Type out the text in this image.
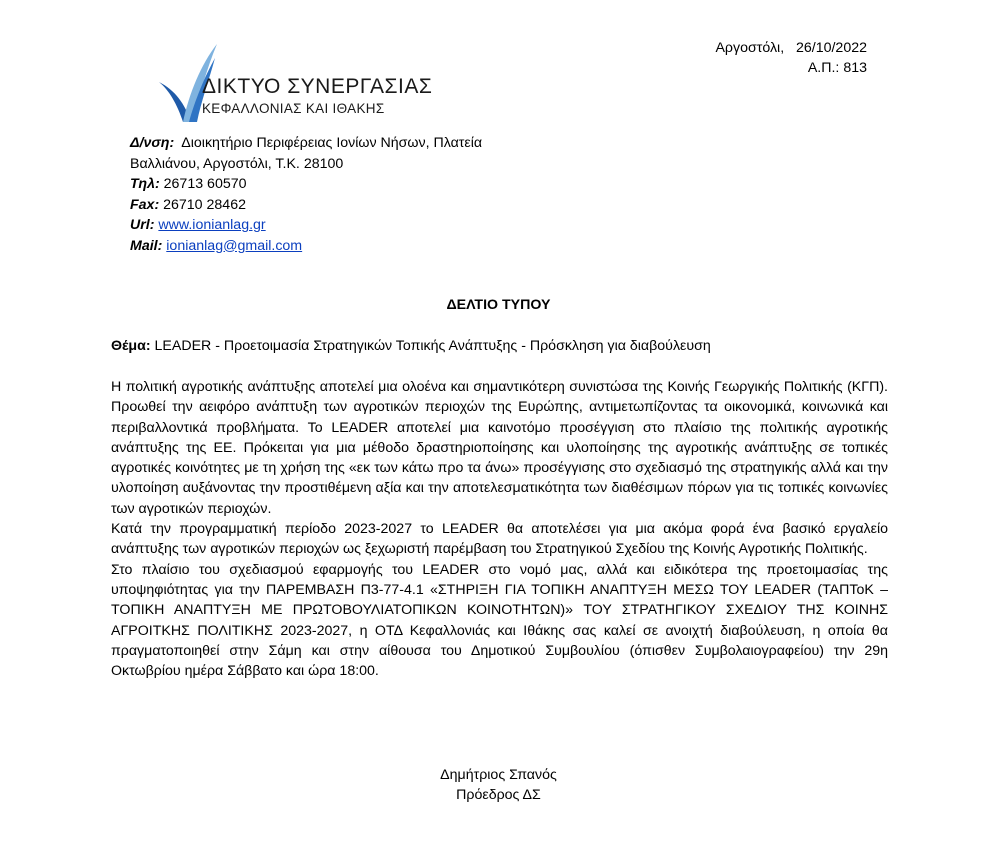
Αργοστόλι,   26/10/2022
Α.Π.: 813
ΔΙΚΤΥΟ ΣΥΝΕΡΓΑΣΙΑΣ
ΚΕΦΑΛΛΟΝΙΑΣ ΚΑΙ ΙΘΑΚΗΣ
Δ/νση: Διοικητήριο Περιφέρειας Ιονίων Νήσων, Πλατεία
Βαλλιάνου, Αργοστόλι, Τ.Κ. 28100
Τηλ: 26713 60570
Fax: 26710 28462
Url: www.ionianlag.gr
Mail: ionianlag@gmail.com
ΔΕΛΤΙΟ ΤΥΠΟΥ
Θέμα: LEADER - Προετοιμασία Στρατηγικών Τοπικής Ανάπτυξης - Πρόσκληση για διαβούλευση

Η πολιτική αγροτικής ανάπτυξης αποτελεί μια ολοένα και σημαντικότερη συνιστώσα της Κοινής Γεωργικής Πολιτικής (ΚΓΠ). Προωθεί την αειφόρο ανάπτυξη των αγροτικών περιοχών της Ευρώπης, αντιμετωπίζοντας τα οικονομικά, κοινωνικά και περιβαλλοντικά προβλήματα. Το LEADER αποτελεί μια καινοτόμο προσέγγιση στο πλαίσιο της πολιτικής αγροτικής ανάπτυξης της ΕΕ. Πρόκειται για μια μέθοδο δραστηριοποίησης και υλοποίησης της αγροτικής ανάπτυξης σε τοπικές αγροτικές κοινότητες με τη χρήση της «εκ των κάτω προ τα άνω» προσέγγισης στο σχεδιασμό της στρατηγικής αλλά και την υλοποίηση αυξάνοντας την προστιθέμενη αξία και την αποτελεσματικότητα των διαθέσιμων πόρων για τις τοπικές κοινωνίες των αγροτικών περιοχών.

Κατά την προγραμματική περίοδο 2023-2027 το LEADER θα αποτελέσει για μια ακόμα φορά ένα βασικό εργαλείο ανάπτυξης των αγροτικών περιοχών ως ξεχωριστή παρέμβαση του Στρατηγικού Σχεδίου της Κοινής Αγροτικής Πολιτικής.

Στο πλαίσιο του σχεδιασμού εφαρμογής του LEADER στο νομό μας, αλλά και ειδικότερα της προετοιμασίας της υποψηφιότητας για την ΠΑΡΕΜΒΑΣΗ Π3-77-4.1 «ΣΤΗΡΙΞΗ ΓΙΑ ΤΟΠΙΚΗ ΑΝΑΠΤΥΞΗ ΜΕΣΩ ΤΟΥ LEADER (ΤΑΠΤοΚ – ΤΟΠΙΚΗ ΑΝΑΠΤΥΞΗ ΜΕ ΠΡΩΤΟΒΟΥΛΙΑΤΟΠΙΚΩΝ ΚΟΙΝΟΤΗΤΩΝ)» ΤΟΥ ΣΤΡΑΤΗΓΙΚΟΥ ΣΧΕΔΙΟΥ ΤΗΣ ΚΟΙΝΗΣ ΑΓΡΟΙΤΚΗΣ ΠΟΛΙΤΙΚΗΣ 2023-2027, η ΟΤΔ Κεφαλλονιάς και Ιθάκης σας καλεί σε ανοιχτή διαβούλευση, η οποία θα πραγματοποιηθεί στην Σάμη και στην αίθουσα του Δημοτικού Συμβουλίου (όπισθεν Συμβολαιογραφείου) την 29η Οκτωβρίου ημέρα Σάββατο και ώρα 18:00.

Δημήτριος Σπανός
Πρόεδρος ΔΣ
